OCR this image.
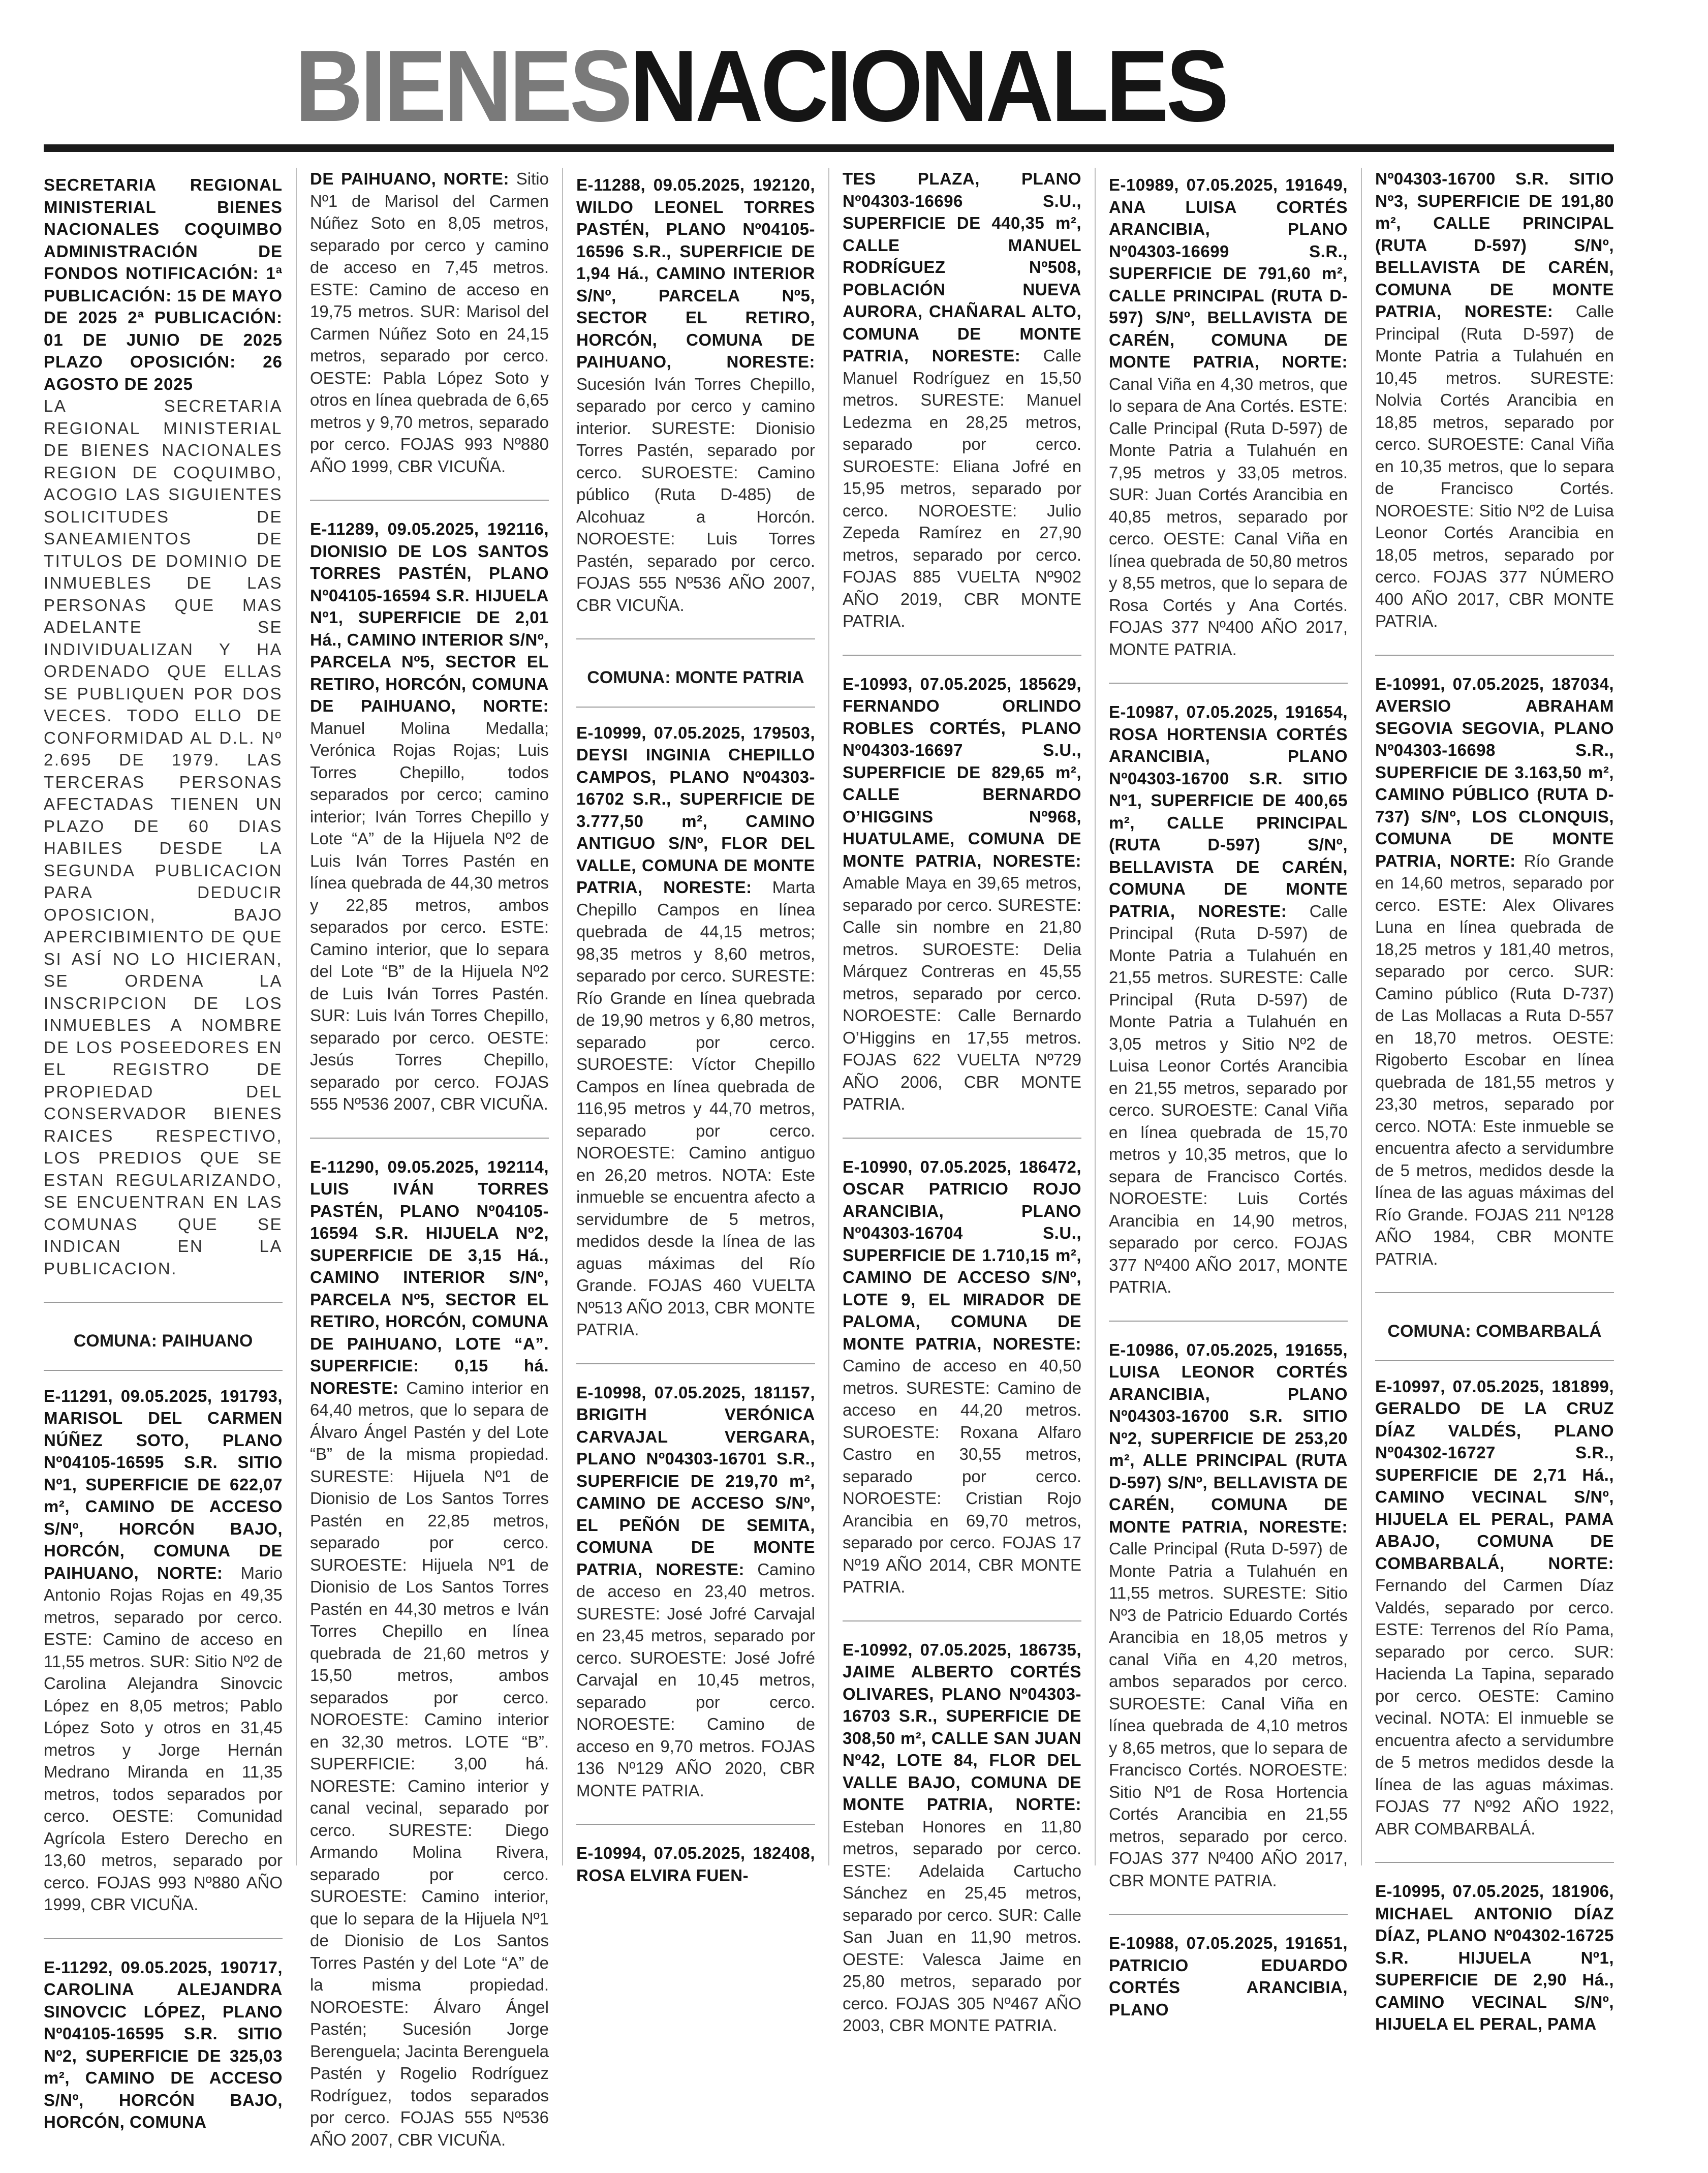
BIENESNACIONALES

SECRETARIA REGIONAL MINISTERIAL BIENES NACIONALES COQUIMBO ADMINISTRACIÓN DE FONDOS NOTIFICACIÓN: 1ª PUBLICACIÓN: 15 DE MAYO DE 2025 2ª PUBLICACIÓN: 01 DE JUNIO DE 2025 PLAZO OPOSICIÓN: 26 AGOSTO DE 2025

LA SECRETARIA REGIONAL MINISTERIAL DE BIENES NACIONALES REGION DE COQUIMBO, ACOGIO LAS SIGUIENTES SOLICITUDES DE SANEAMIENTOS DE TITULOS DE DOMINIO DE INMUEBLES DE LAS PERSONAS QUE MAS ADELANTE SE INDIVIDUALIZAN Y HA ORDENADO QUE ELLAS SE PUBLIQUEN POR DOS VECES. TODO ELLO DE CONFORMIDAD AL D.L. Nº 2.695 DE 1979. LAS TERCERAS PERSONAS AFECTADAS TIENEN UN PLAZO DE 60 DIAS HABILES DESDE LA SEGUNDA PUBLICACION PARA DEDUCIR OPOSICION, BAJO APERCIBIMIENTO DE QUE SI ASÍ NO LO HICIERAN, SE ORDENA LA INSCRIPCION DE LOS INMUEBLES A NOMBRE DE LOS POSEEDORES EN EL REGISTRO DE PROPIEDAD DEL CONSERVADOR BIENES RAICES RESPECTIVO, LOS PREDIOS QUE SE ESTAN REGULARIZANDO, SE ENCUENTRAN EN LAS COMUNAS QUE SE INDICAN EN LA PUBLICACION.

COMUNA: PAIHUANO

E-11291, 09.05.2025, 191793, MARISOL DEL CARMEN NÚÑEZ SOTO, PLANO Nº04105-16595 S.R. SITIO Nº1, SUPERFICIE DE 622,07 m², CAMINO DE ACCESO S/Nº, HORCÓN BAJO, HORCÓN, COMUNA DE PAIHUANO, NORTE: Mario Antonio Rojas Rojas en 49,35 metros, separado por cerco. ESTE: Camino de acceso en 11,55 metros. SUR: Sitio Nº2 de Carolina Alejandra Sinovcic López en 8,05 metros; Pablo López Soto y otros en 31,45 metros y Jorge Hernán Medrano Miranda en 11,35 metros, todos separados por cerco. OESTE: Comunidad Agrícola Estero Derecho en 13,60 metros, separado por cerco. FOJAS 993 Nº880 AÑO 1999, CBR VICUÑA.

E-11292, 09.05.2025, 190717, CAROLINA ALEJANDRA SINOVCIC LÓPEZ, PLANO Nº04105-16595 S.R. SITIO Nº2, SUPERFICIE DE 325,03 m², CAMINO DE ACCESO S/Nº, HORCÓN BAJO, HORCÓN, COMUNA

DE PAIHUANO, NORTE: Sitio Nº1 de Marisol del Carmen Núñez Soto en 8,05 metros, separado por cerco y camino de acceso en 7,45 metros. ESTE: Camino de acceso en 19,75 metros. SUR: Marisol del Carmen Núñez Soto en 24,15 metros, separado por cerco. OESTE: Pabla López Soto y otros en línea quebrada de 6,65 metros y 9,70 metros, separado por cerco. FOJAS 993 Nº880 AÑO 1999, CBR VICUÑA.

E-11289, 09.05.2025, 192116, DIONISIO DE LOS SANTOS TORRES PASTÉN, PLANO Nº04105-16594 S.R. HIJUELA Nº1, SUPERFICIE DE 2,01 Há., CAMINO INTERIOR S/Nº, PARCELA Nº5, SECTOR EL RETIRO, HORCÓN, COMUNA DE PAIHUANO, NORTE: Manuel Molina Medalla; Verónica Rojas Rojas; Luis Torres Chepillo, todos separados por cerco; camino interior; Iván Torres Chepillo y Lote “A” de la Hijuela Nº2 de Luis Iván Torres Pastén en línea quebrada de 44,30 metros y 22,85 metros, ambos separados por cerco. ESTE: Camino interior, que lo separa del Lote “B” de la Hijuela Nº2 de Luis Iván Torres Pastén. SUR: Luis Iván Torres Chepillo, separado por cerco. OESTE: Jesús Torres Chepillo, separado por cerco. FOJAS 555 Nº536 2007, CBR VICUÑA.

E-11290, 09.05.2025, 192114, LUIS IVÁN TORRES PASTÉN, PLANO Nº04105-16594 S.R. HIJUELA Nº2, SUPERFICIE DE 3,15 Há., CAMINO INTERIOR S/Nº, PARCELA Nº5, SECTOR EL RETIRO, HORCÓN, COMUNA DE PAIHUANO, LOTE “A”. SUPERFICIE: 0,15 há. NORESTE: Camino interior en 64,40 metros, que lo separa de Álvaro Ángel Pastén y del Lote “B” de la misma propiedad. SURESTE: Hijuela Nº1 de Dionisio de Los Santos Torres Pastén en 22,85 metros, separado por cerco. SUROESTE: Hijuela Nº1 de Dionisio de Los Santos Torres Pastén en 44,30 metros e Iván Torres Chepillo en línea quebrada de 21,60 metros y 15,50 metros, ambos separados por cerco. NOROESTE: Camino interior en 32,30 metros. LOTE “B”. SUPERFICIE: 3,00 há. NORESTE: Camino interior y canal vecinal, separado por cerco. SURESTE: Diego Armando Molina Rivera, separado por cerco. SUROESTE: Camino interior, que lo separa de la Hijuela Nº1 de Dionisio de Los Santos Torres Pastén y del Lote “A” de la misma propiedad. NOROESTE: Álvaro Ángel Pastén; Sucesión Jorge Berenguela; Jacinta Berenguela Pastén y Rogelio Rodríguez Rodríguez, todos separados por cerco. FOJAS 555 Nº536 AÑO 2007, CBR VICUÑA.

E-11288, 09.05.2025, 192120, WILDO LEONEL TORRES PASTÉN, PLANO Nº04105-16596 S.R., SUPERFICIE DE 1,94 Há., CAMINO INTERIOR S/Nº, PARCELA Nº5, SECTOR EL RETIRO, HORCÓN, COMUNA DE PAIHUANO, NORESTE: Sucesión Iván Torres Chepillo, separado por cerco y camino interior. SURESTE: Dionisio Torres Pastén, separado por cerco. SUROESTE: Camino público (Ruta D-485) de Alcohuaz a Horcón. NOROESTE: Luis Torres Pastén, separado por cerco. FOJAS 555 Nº536 AÑO 2007, CBR VICUÑA.

COMUNA: MONTE PATRIA

E-10999, 07.05.2025, 179503, DEYSI INGINIA CHEPILLO CAMPOS, PLANO Nº04303-16702 S.R., SUPERFICIE DE 3.777,50 m², CAMINO ANTIGUO S/Nº, FLOR DEL VALLE, COMUNA DE MONTE PATRIA, NORESTE: Marta Chepillo Campos en línea quebrada de 44,15 metros; 98,35 metros y 8,60 metros, separado por cerco. SURESTE: Río Grande en línea quebrada de 19,90 metros y 6,80 metros, separado por cerco. SUROESTE: Víctor Chepillo Campos en línea quebrada de 116,95 metros y 44,70 metros, separado por cerco. NOROESTE: Camino antiguo en 26,20 metros. NOTA: Este inmueble se encuentra afecto a servidumbre de 5 metros, medidos desde la línea de las aguas máximas del Río Grande. FOJAS 460 VUELTA Nº513 AÑO 2013, CBR MONTE PATRIA.

E-10998, 07.05.2025, 181157, BRIGITH VERÓNICA CARVAJAL VERGARA, PLANO Nº04303-16701 S.R., SUPERFICIE DE 219,70 m², CAMINO DE ACCESO S/Nº, EL PEÑÓN DE SEMITA, COMUNA DE MONTE PATRIA, NORESTE: Camino de acceso en 23,40 metros. SURESTE: José Jofré Carvajal en 23,45 metros, separado por cerco. SUROESTE: José Jofré Carvajal en 10,45 metros, separado por cerco. NOROESTE: Camino de acceso en 9,70 metros. FOJAS 136 Nº129 AÑO 2020, CBR MONTE PATRIA.

E-10994, 07.05.2025, 182408, ROSA ELVIRA FUEN-

TES PLAZA, PLANO Nº04303-16696 S.U., SUPERFICIE DE 440,35 m², CALLE MANUEL RODRÍGUEZ Nº508, POBLACIÓN NUEVA AURORA, CHAÑARAL ALTO, COMUNA DE MONTE PATRIA, NORESTE: Calle Manuel Rodríguez en 15,50 metros. SURESTE: Manuel Ledezma en 28,25 metros, separado por cerco. SUROESTE: Eliana Jofré en 15,95 metros, separado por cerco. NOROESTE: Julio Zepeda Ramírez en 27,90 metros, separado por cerco. FOJAS 885 VUELTA Nº902 AÑO 2019, CBR MONTE PATRIA.

E-10993, 07.05.2025, 185629, FERNANDO ORLINDO ROBLES CORTÉS, PLANO Nº04303-16697 S.U., SUPERFICIE DE 829,65 m², CALLE BERNARDO O’HIGGINS Nº968, HUATULAME, COMUNA DE MONTE PATRIA, NORESTE: Amable Maya en 39,65 metros, separado por cerco. SURESTE: Calle sin nombre en 21,80 metros. SUROESTE: Delia Márquez Contreras en 45,55 metros, separado por cerco. NOROESTE: Calle Bernardo O’Higgins en 17,55 metros. FOJAS 622 VUELTA Nº729 AÑO 2006, CBR MONTE PATRIA.

E-10990, 07.05.2025, 186472, OSCAR PATRICIO ROJO ARANCIBIA, PLANO Nº04303-16704 S.U., SUPERFICIE DE 1.710,15 m², CAMINO DE ACCESO S/Nº, LOTE 9, EL MIRADOR DE PALOMA, COMUNA DE MONTE PATRIA, NORESTE: Camino de acceso en 40,50 metros. SURESTE: Camino de acceso en 44,20 metros. SUROESTE: Roxana Alfaro Castro en 30,55 metros, separado por cerco. NOROESTE: Cristian Rojo Arancibia en 69,70 metros, separado por cerco. FOJAS 17 Nº19 AÑO 2014, CBR MONTE PATRIA.

E-10992, 07.05.2025, 186735, JAIME ALBERTO CORTÉS OLIVARES, PLANO Nº04303-16703 S.R., SUPERFICIE DE 308,50 m², CALLE SAN JUAN Nº42, LOTE 84, FLOR DEL VALLE BAJO, COMUNA DE MONTE PATRIA, NORTE: Esteban Honores en 11,80 metros, separado por cerco. ESTE: Adelaida Cartucho Sánchez en 25,45 metros, separado por cerco. SUR: Calle San Juan en 11,90 metros. OESTE: Valesca Jaime en 25,80 metros, separado por cerco. FOJAS 305 Nº467 AÑO 2003, CBR MONTE PATRIA.

E-10989, 07.05.2025, 191649, ANA LUISA CORTÉS ARANCIBIA, PLANO Nº04303-16699 S.R., SUPERFICIE DE 791,60 m², CALLE PRINCIPAL (RUTA D-597) S/Nº, BELLAVISTA DE CARÉN, COMUNA DE MONTE PATRIA, NORTE: Canal Viña en 4,30 metros, que lo separa de Ana Cortés. ESTE: Calle Principal (Ruta D-597) de Monte Patria a Tulahuén en 7,95 metros y 33,05 metros. SUR: Juan Cortés Arancibia en 40,85 metros, separado por cerco. OESTE: Canal Viña en línea quebrada de 50,80 metros y 8,55 metros, que lo separa de Rosa Cortés y Ana Cortés. FOJAS 377 Nº400 AÑO 2017, MONTE PATRIA.

E-10987, 07.05.2025, 191654, ROSA HORTENSIA CORTÉS ARANCIBIA, PLANO Nº04303-16700 S.R. SITIO Nº1, SUPERFICIE DE 400,65 m², CALLE PRINCIPAL (RUTA D-597) S/Nº, BELLAVISTA DE CARÉN, COMUNA DE MONTE PATRIA, NORESTE: Calle Principal (Ruta D-597) de Monte Patria a Tulahuén en 21,55 metros. SURESTE: Calle Principal (Ruta D-597) de Monte Patria a Tulahuén en 3,05 metros y Sitio Nº2 de Luisa Leonor Cortés Arancibia en 21,55 metros, separado por cerco. SUROESTE: Canal Viña en línea quebrada de 15,70 metros y 10,35 metros, que lo separa de Francisco Cortés. NOROESTE: Luis Cortés Arancibia en 14,90 metros, separado por cerco. FOJAS 377 Nº400 AÑO 2017, MONTE PATRIA.

E-10986, 07.05.2025, 191655, LUISA LEONOR CORTÉS ARANCIBIA, PLANO Nº04303-16700 S.R. SITIO Nº2, SUPERFICIE DE 253,20 m², ALLE PRINCIPAL (RUTA D-597) S/Nº, BELLAVISTA DE CARÉN, COMUNA DE MONTE PATRIA, NORESTE: Calle Principal (Ruta D-597) de Monte Patria a Tulahuén en 11,55 metros. SURESTE: Sitio Nº3 de Patricio Eduardo Cortés Arancibia en 18,05 metros y canal Viña en 4,20 metros, ambos separados por cerco. SUROESTE: Canal Viña en línea quebrada de 4,10 metros y 8,65 metros, que lo separa de Francisco Cortés. NOROESTE: Sitio Nº1 de Rosa Hortencia Cortés Arancibia en 21,55 metros, separado por cerco. FOJAS 377 Nº400 AÑO 2017, CBR MONTE PATRIA.

E-10988, 07.05.2025, 191651, PATRICIO EDUARDO CORTÉS ARANCIBIA, PLANO

Nº04303-16700 S.R. SITIO Nº3, SUPERFICIE DE 191,80 m², CALLE PRINCIPAL (RUTA D-597) S/Nº, BELLAVISTA DE CARÉN, COMUNA DE MONTE PATRIA, NORESTE: Calle Principal (Ruta D-597) de Monte Patria a Tulahuén en 10,45 metros. SURESTE: Nolvia Cortés Arancibia en 18,85 metros, separado por cerco. SUROESTE: Canal Viña en 10,35 metros, que lo separa de Francisco Cortés. NOROESTE: Sitio Nº2 de Luisa Leonor Cortés Arancibia en 18,05 metros, separado por cerco. FOJAS 377 NÚMERO 400 AÑO 2017, CBR MONTE PATRIA.

E-10991, 07.05.2025, 187034, AVERSIO ABRAHAM SEGOVIA SEGOVIA, PLANO Nº04303-16698 S.R., SUPERFICIE DE 3.163,50 m², CAMINO PÚBLICO (RUTA D-737) S/Nº, LOS CLONQUIS, COMUNA DE MONTE PATRIA, NORTE: Río Grande en 14,60 metros, separado por cerco. ESTE: Alex Olivares Luna en línea quebrada de 18,25 metros y 181,40 metros, separado por cerco. SUR: Camino público (Ruta D-737) de Las Mollacas a Ruta D-557 en 18,70 metros. OESTE: Rigoberto Escobar en línea quebrada de 181,55 metros y 23,30 metros, separado por cerco. NOTA: Este inmueble se encuentra afecto a servidumbre de 5 metros, medidos desde la línea de las aguas máximas del Río Grande. FOJAS 211 Nº128 AÑO 1984, CBR MONTE PATRIA.

COMUNA: COMBARBALÁ

E-10997, 07.05.2025, 181899, GERALDO DE LA CRUZ DÍAZ VALDÉS, PLANO Nº04302-16727 S.R., SUPERFICIE DE 2,71 Há., CAMINO VECINAL S/Nº, HIJUELA EL PERAL, PAMA ABAJO, COMUNA DE COMBARBALÁ, NORTE: Fernando del Carmen Díaz Valdés, separado por cerco. ESTE: Terrenos del Río Pama, separado por cerco. SUR: Hacienda La Tapina, separado por cerco. OESTE: Camino vecinal. NOTA: El inmueble se encuentra afecto a servidumbre de 5 metros medidos desde la línea de las aguas máximas. FOJAS 77 Nº92 AÑO 1922, ABR COMBARBALÁ.

E-10995, 07.05.2025, 181906, MICHAEL ANTONIO DÍAZ DÍAZ, PLANO Nº04302-16725 S.R. HIJUELA Nº1, SUPERFICIE DE 2,90 Há., CAMINO VECINAL S/Nº, HIJUELA EL PERAL, PAMA
